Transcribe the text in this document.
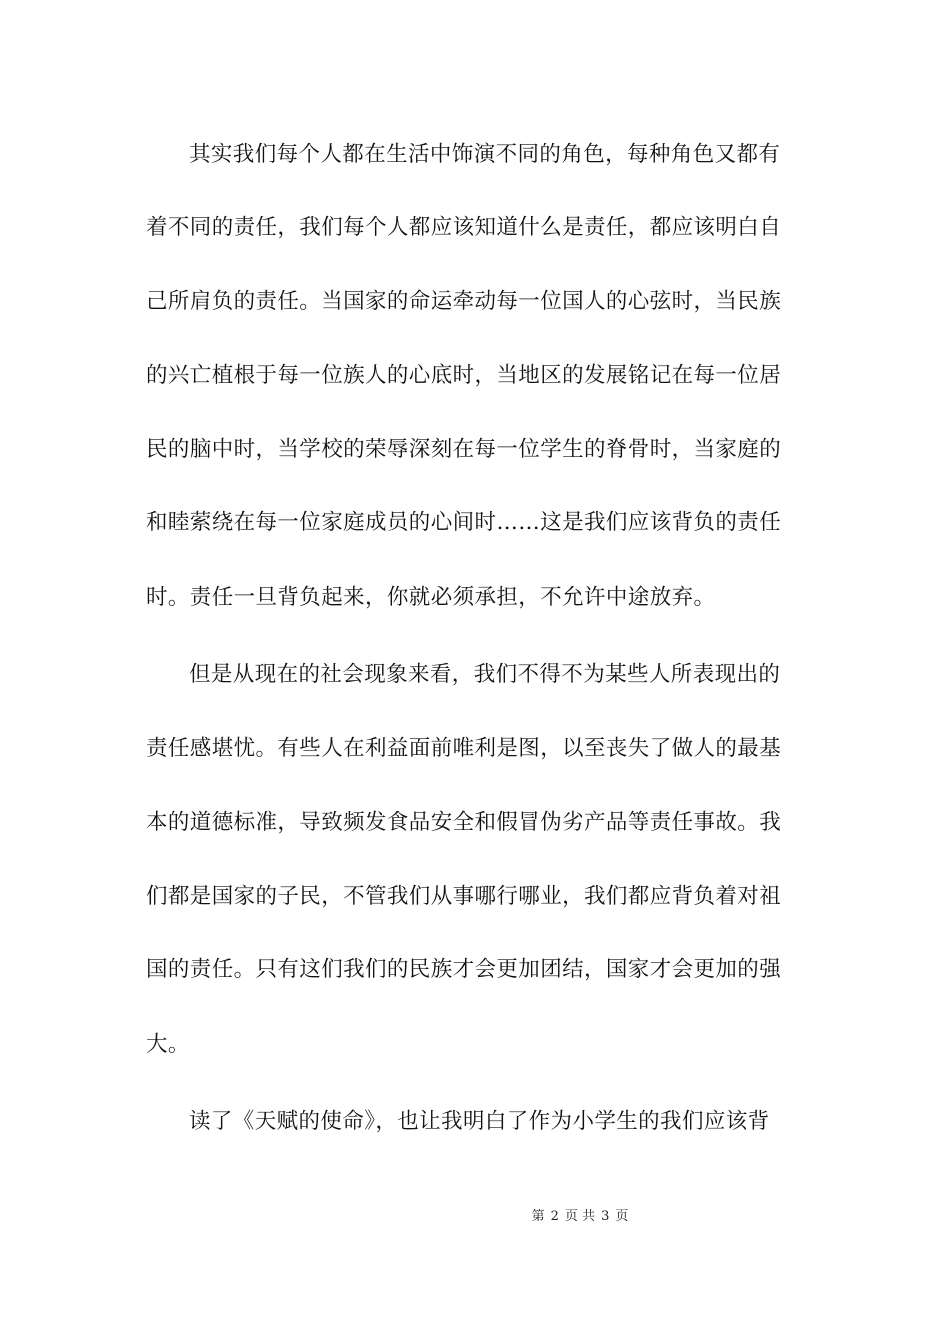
其实我们每个人都在生活中饰演不同的角色，每种角色又都有
着不同的责任，我们每个人都应该知道什么是责任，都应该明白自
己所肩负的责任。当国家的命运牵动每一位国人的心弦时，当民族
的兴亡植根于每一位族人的心底时，当地区的发展铭记在每一位居
民的脑中时，当学校的荣辱深刻在每一位学生的脊骨时，当家庭的
和睦萦绕在每一位家庭成员的心间时……这是我们应该背负的责任
时。责任一旦背负起来，你就必须承担，不允许中途放弃。
但是从现在的社会现象来看，我们不得不为某些人所表现出的
责任感堪忧。有些人在利益面前唯利是图，以至丧失了做人的最基
本的道德标准，导致频发食品安全和假冒伪劣产品等责任事故。我
们都是国家的子民，不管我们从事哪行哪业，我们都应背负着对祖
国的责任。只有这们我们的民族才会更加团结，国家才会更加的强
大。
读了《天赋的使命》，也让我明白了作为小学生的我们应该背
第 2 页 共 3 页
